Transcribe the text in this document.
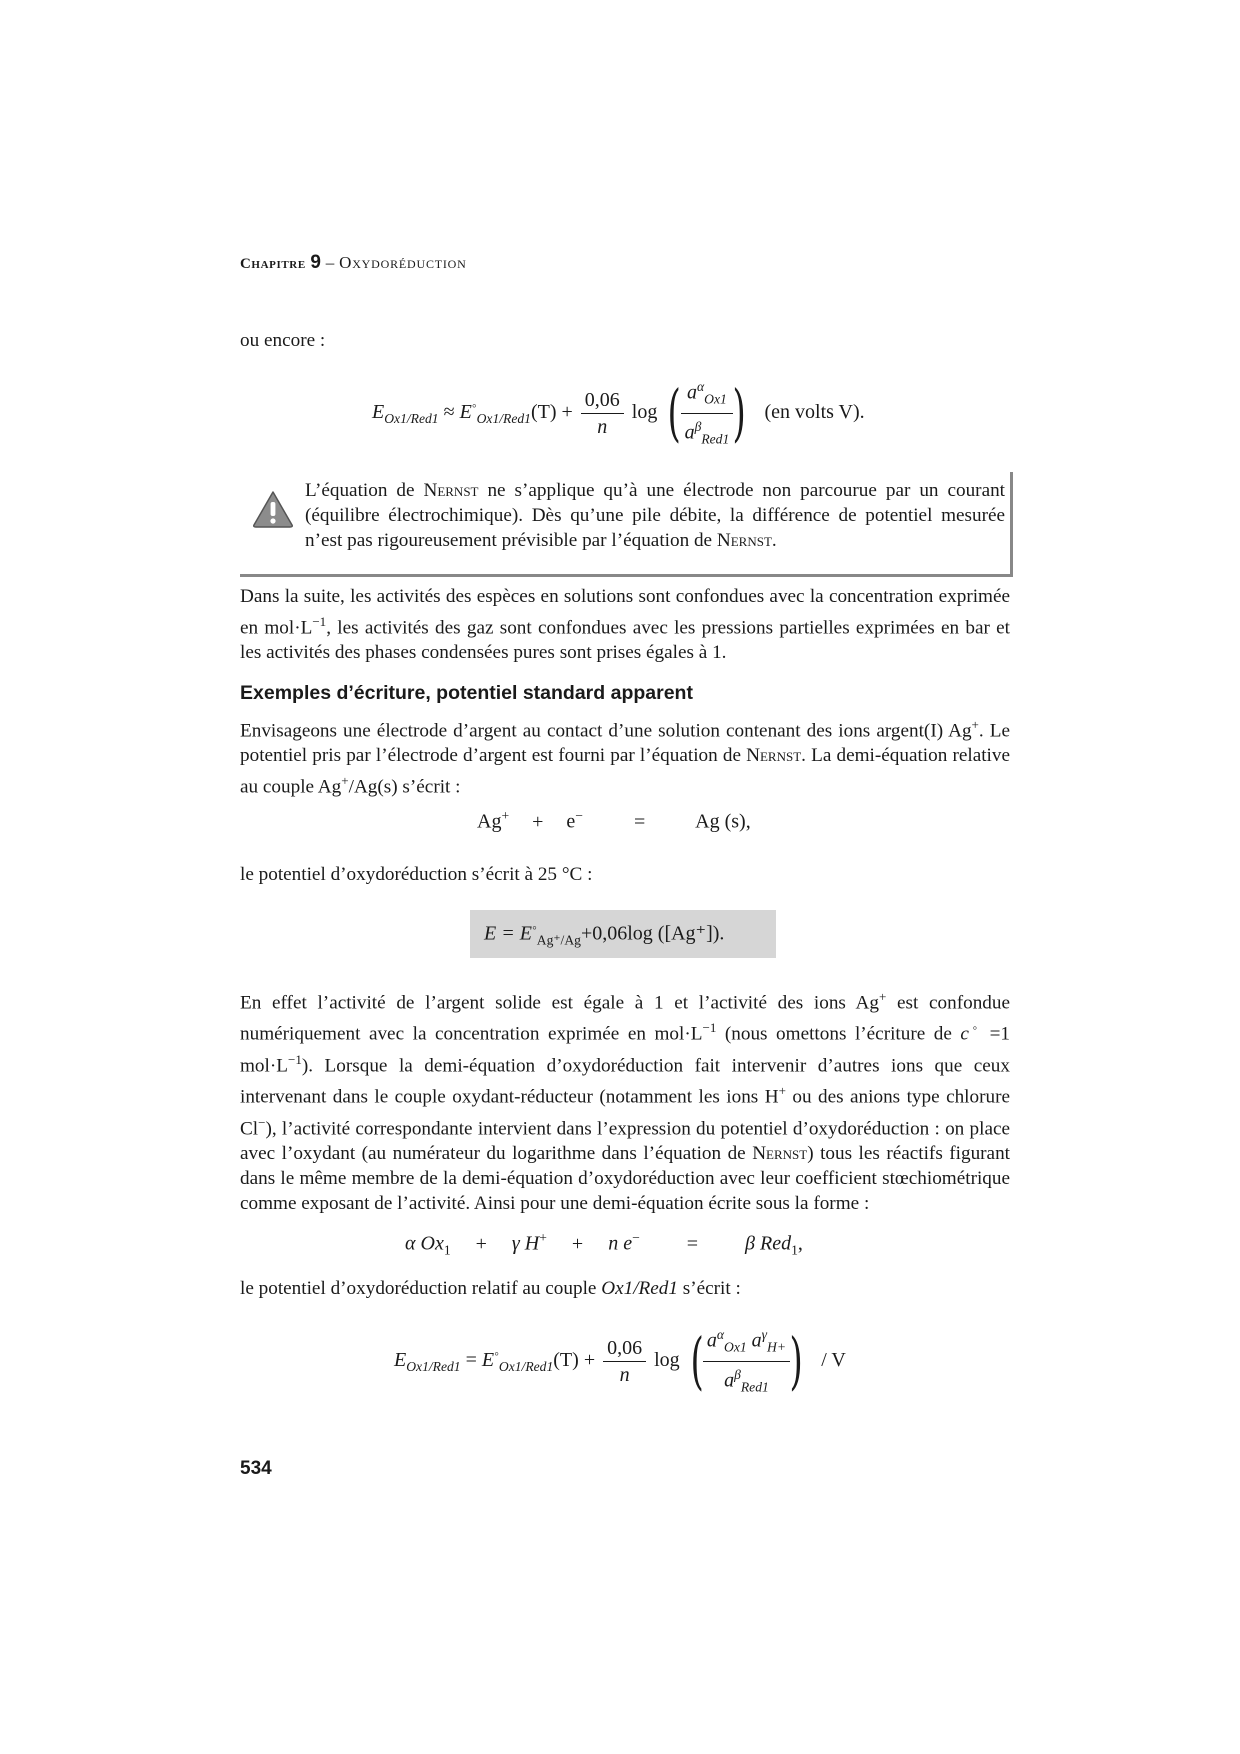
Chapitre 9 – Oxydoréduction
ou encore :
$E_{Ox1/Red1} \approx E^◦_{Ox1/Red1}(T) + \frac{0,06}{n}$ log ( $\frac{a^\alpha_{Ox1}}{a^\beta_{Red1}}$ ) (en volts V).
L’équation de Nernst ne s’applique qu’à une électrode non parcourue par un courant (équilibre électrochimique). Dès qu’une pile débite, la différence de potentiel mesurée n’est pas rigoureusement prévisible par l’équation de Nernst.
Dans la suite, les activités des espèces en solutions sont confondues avec la concentration exprimée en $mol\cdot L^{-1}$, les activités des gaz sont confondues avec les pressions partielles exprimées en bar et les activités des phases condensées pures sont prises égales à 1.
Exemples d’écriture, potentiel standard apparent
Envisageons une électrode d’argent au contact d’une solution contenant des ions argent(I) Ag+. Le potentiel pris par l’électrode d’argent est fourni par l’équation de Nernst. La demi-équation relative au couple Ag+/Ag(s) s’écrit :
Ag+ + e−	= Ag (s),
le potentiel d’oxydoréduction s’écrit à 25 °C :
$E = E^◦_{Ag^+/Ag}+0,06\log$ ([Ag⁺]).
En effet l’activité de l’argent solide est égale à 1 et l’activité des ions Ag+ est confondue numériquement avec la concentration exprimée en $mol\cdot L^{-1}$ (nous omettons l’écriture de c◦ =1 $mol\cdot L^{-1}$). Lorsque la demi-équation d’oxydoréduction fait intervenir d’autres ions que ceux intervenant dans le couple oxydant-réducteur (notamment les ions H+ ou des anions type chlorure Cl−), l’activité correspondante intervient dans l’expression du potentiel d’oxydoréduction : on place avec l’oxydant (au numérateur du logarithme dans l’équation de Nernst) tous les réactifs figurant dans le même membre de la demi-équation d’oxydoréduction avec leur coefficient stœchiométrique comme exposant de l’activité. Ainsi pour une demi-équation écrite sous la forme :
α $Ox_1 + \gamma$ H+ + n e− = β Red$_1$,
le potentiel d’oxydoréduction relatif au couple Ox1/Red1 s’écrit :
$E_{Ox1/Red1} = E^◦_{Ox1/Red1}(T) + \frac{0,06}{n}$ log ( $\frac{a^\alpha_{Ox1} a^\gamma_{H+}}{a^\beta_{Red1}}$ ) / V
534
